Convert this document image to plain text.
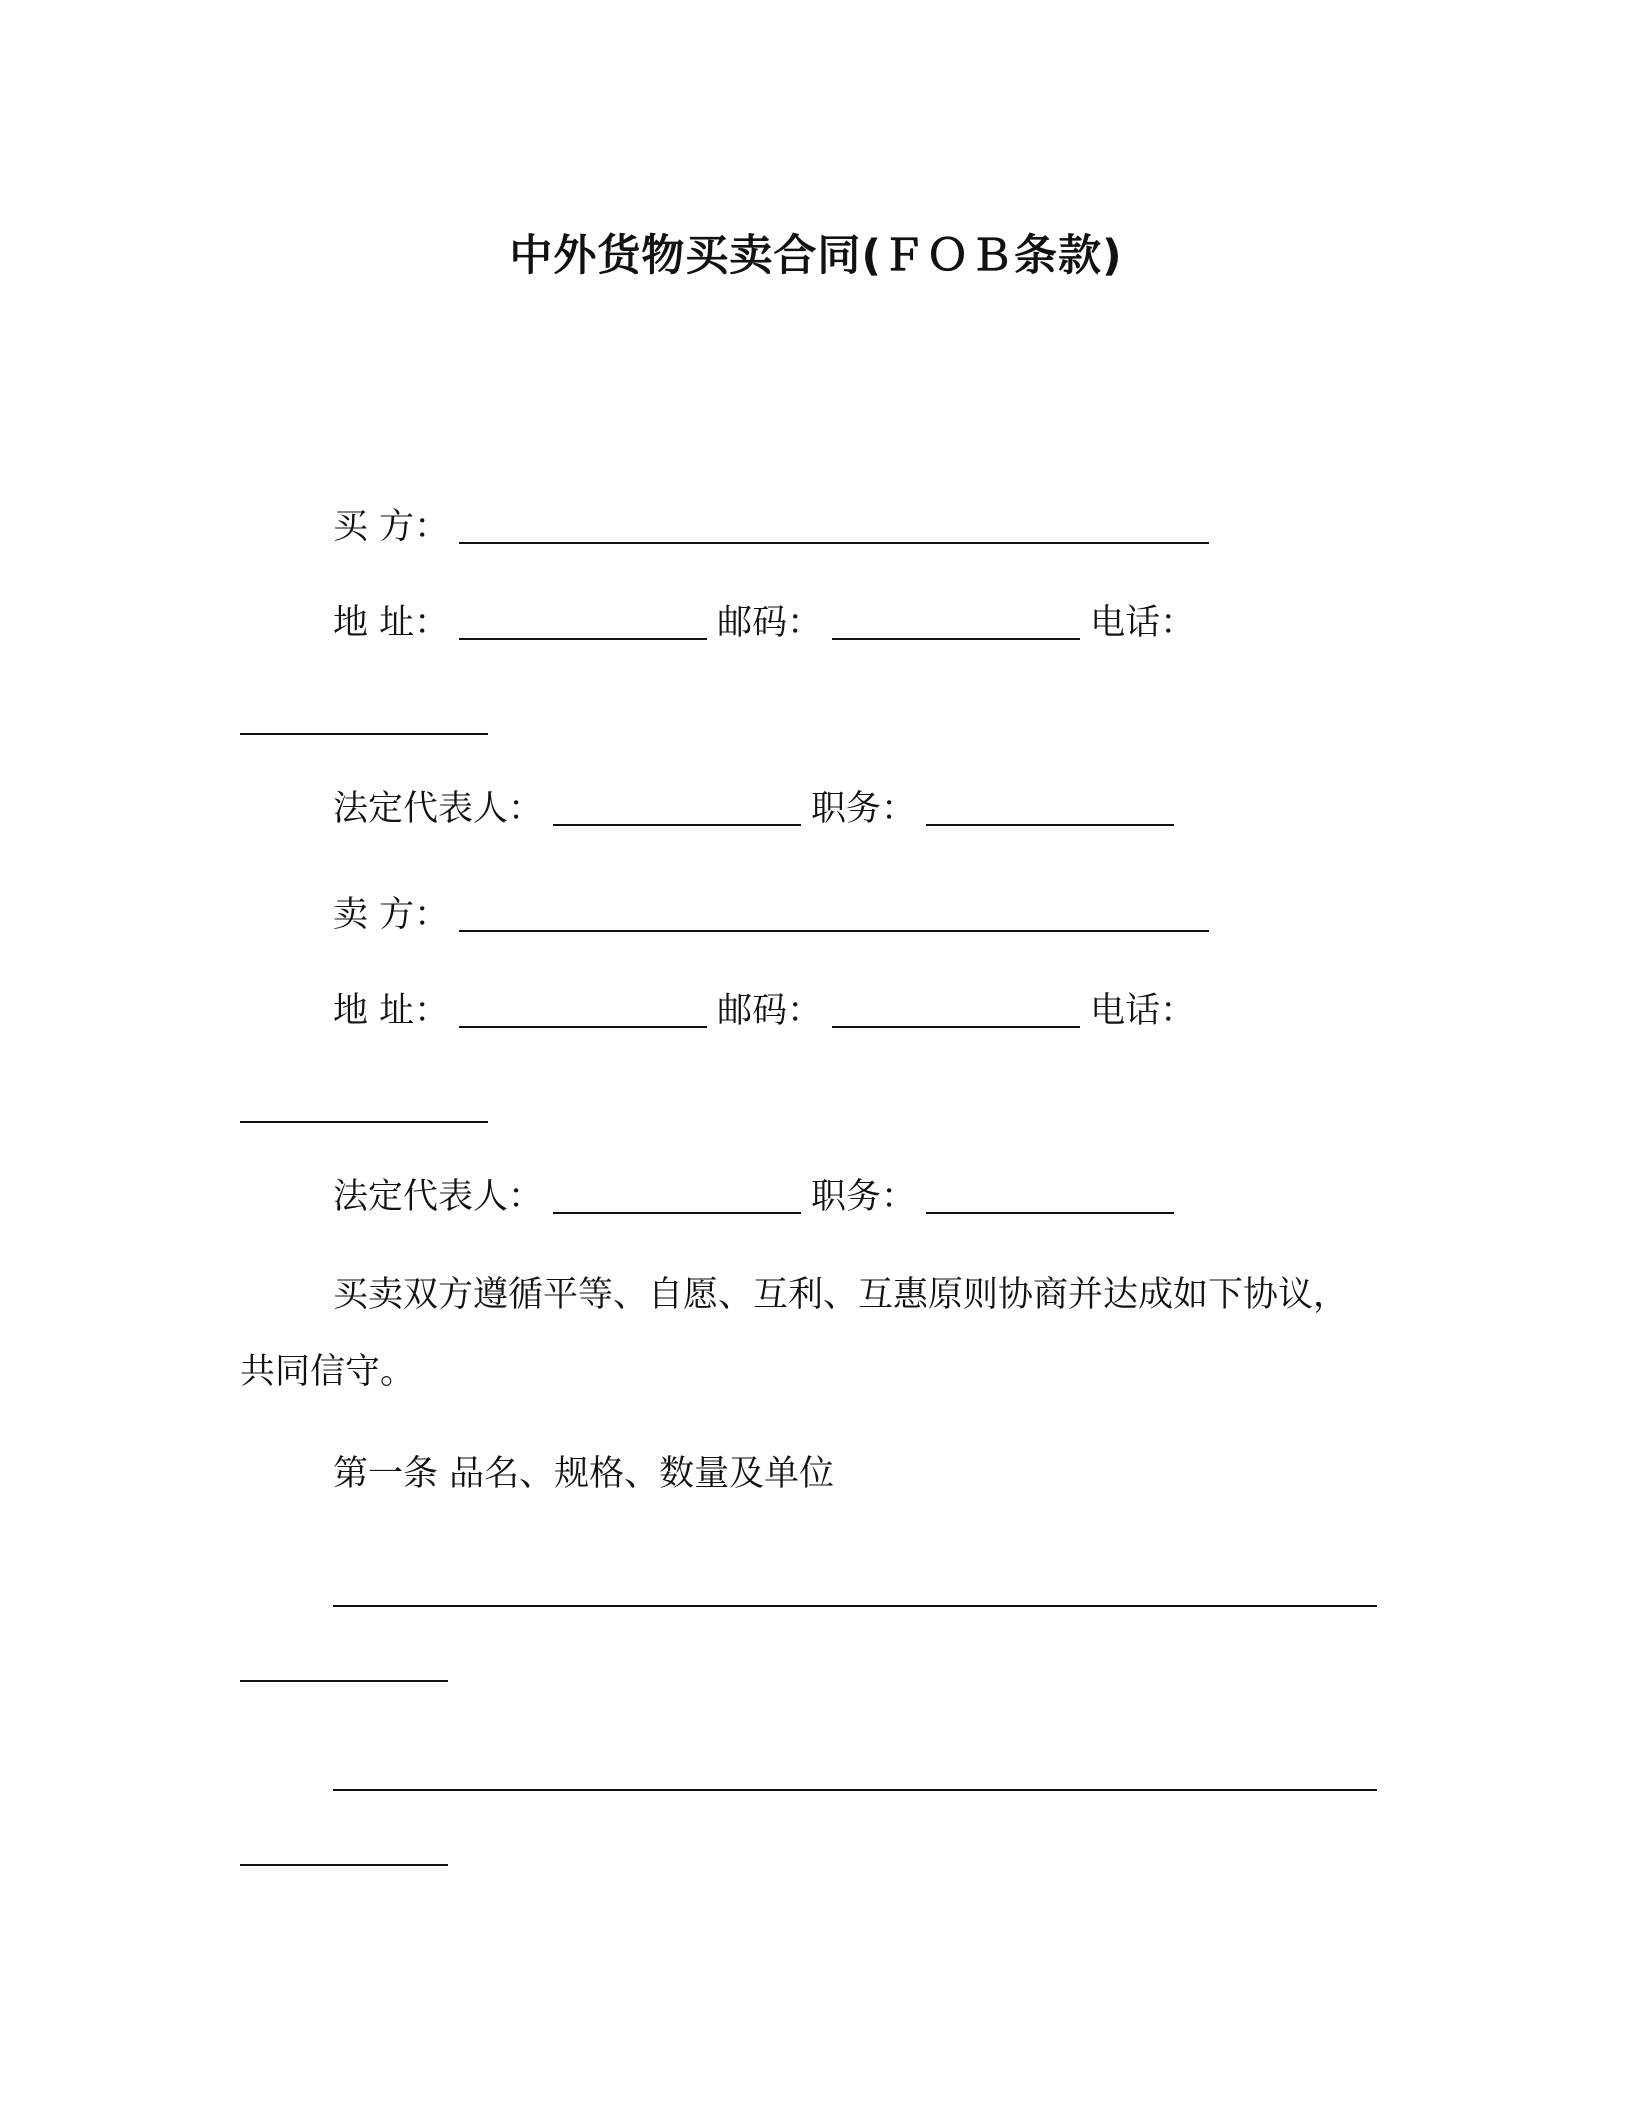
中外货物买卖合同(ＦＯＢ条款)
买 方：
地 址：	邮码：	电话：
法定代表人：	职务：
卖 方：
地 址：	邮码：	电话：
法定代表人：	职务：
买卖双方遵循平等、自愿、互利、互惠原则协商并达成如下协议，
共同信守。
第一条 品名、规格、数量及单位
